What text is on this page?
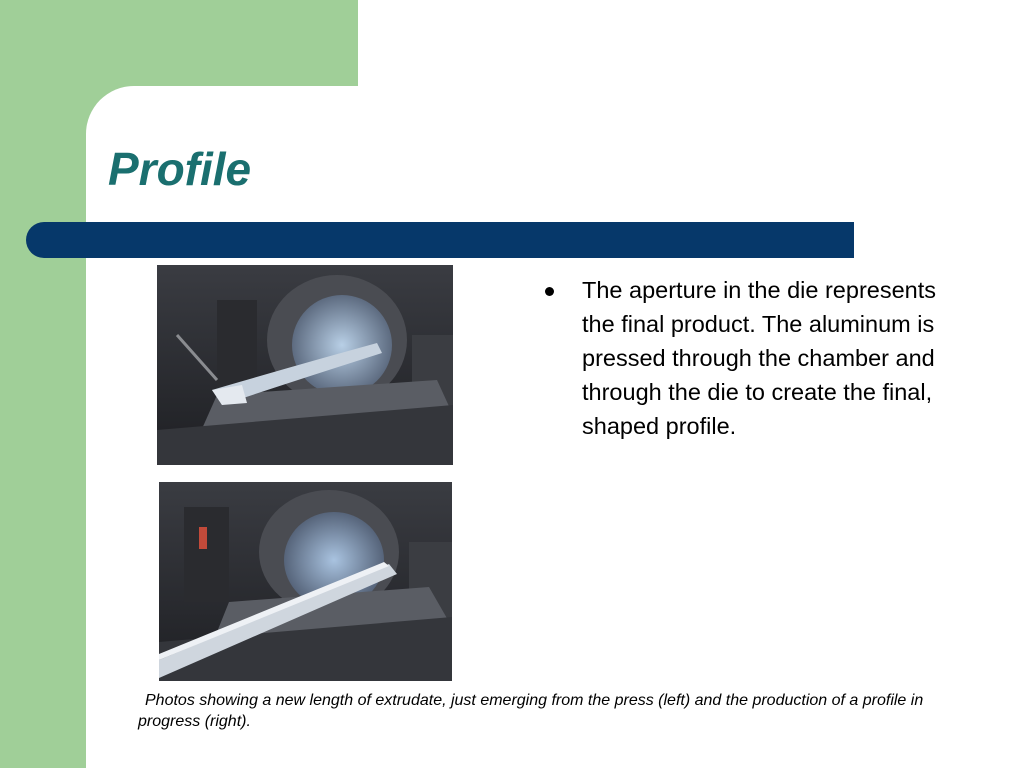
Profile
The aperture in the die represents the final product. The aluminum is pressed through the chamber and through the die to create the final, shaped profile.
Photos showing a new length of extrudate, just emerging from the press (left) and the production of a profile in progress (right).
